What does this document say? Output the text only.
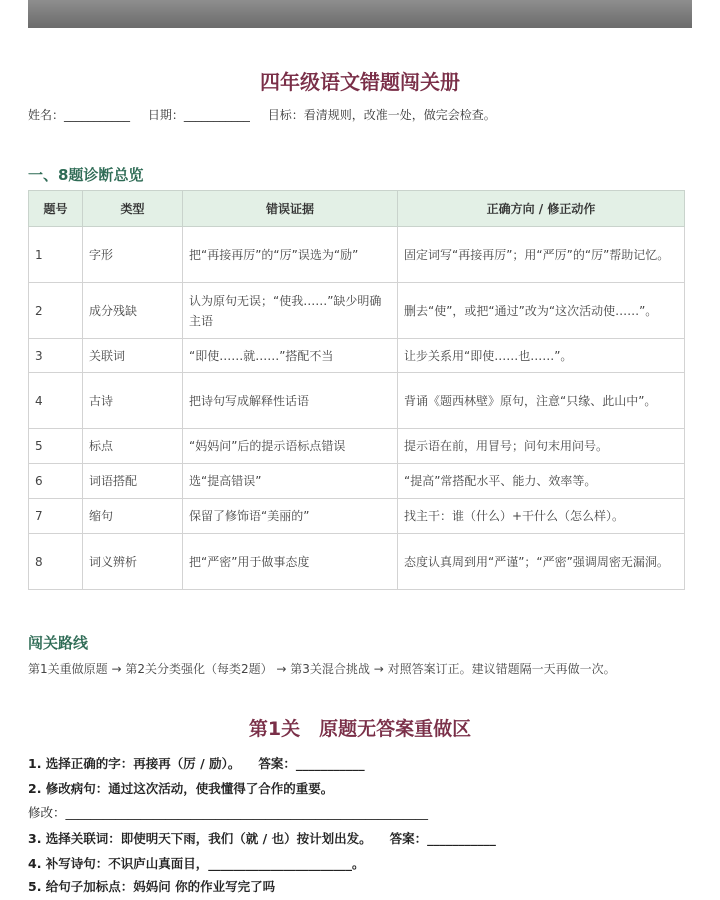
四年级语文错题闯关册
姓名：___________ 日期：___________ 目标：看清规则，改准一处，做完会检查。
一、8题诊断总览
题号	类型	错误证据	正确方向 / 修正动作
1	字形	把“再接再厉”的“厉”误选为“励”	固定词写“再接再厉”；用“严厉”的“厉”帮助记忆。
2	成分残缺	认为原句无误；“使我……”缺少明确主语	删去“使”，或把“通过”改为“这次活动使……”。
3	关联词	“即使……就……”搭配不当	让步关系用“即使……也……”。
4	古诗	把诗句写成解释性话语	背诵《题西林壁》原句，注意“只缘、此山中”。
5	标点	“妈妈问”后的提示语标点错误	提示语在前，用冒号；问句末用问号。
6	词语搭配	选“提高错误”	“提高”常搭配水平、能力、效率等。
7	缩句	保留了修饰语“美丽的”	找主干：谁（什么）+干什么（怎么样）。
8	词义辨析	把“严密”用于做事态度	态度认真周到用“严谨”；“严密”强调周密无漏洞。
闯关路线
第1关重做原题 → 第2关分类强化（每类2题） → 第3关混合挑战 → 对照答案订正。建议错题隔一天再做一次。
第1关　原题无答案重做区
1. 选择正确的字：再接再（厉 / 励）。 答案：___________
2. 修改病句：通过这次活动，使我懂得了合作的重要。
修改：__________________________________________________________
3. 选择关联词：即使明天下雨，我们（就 / 也）按计划出发。 答案：___________
4. 补写诗句：不识庐山真面目，_______________________。
5. 给句子加标点：妈妈问 你的作业写完了吗
